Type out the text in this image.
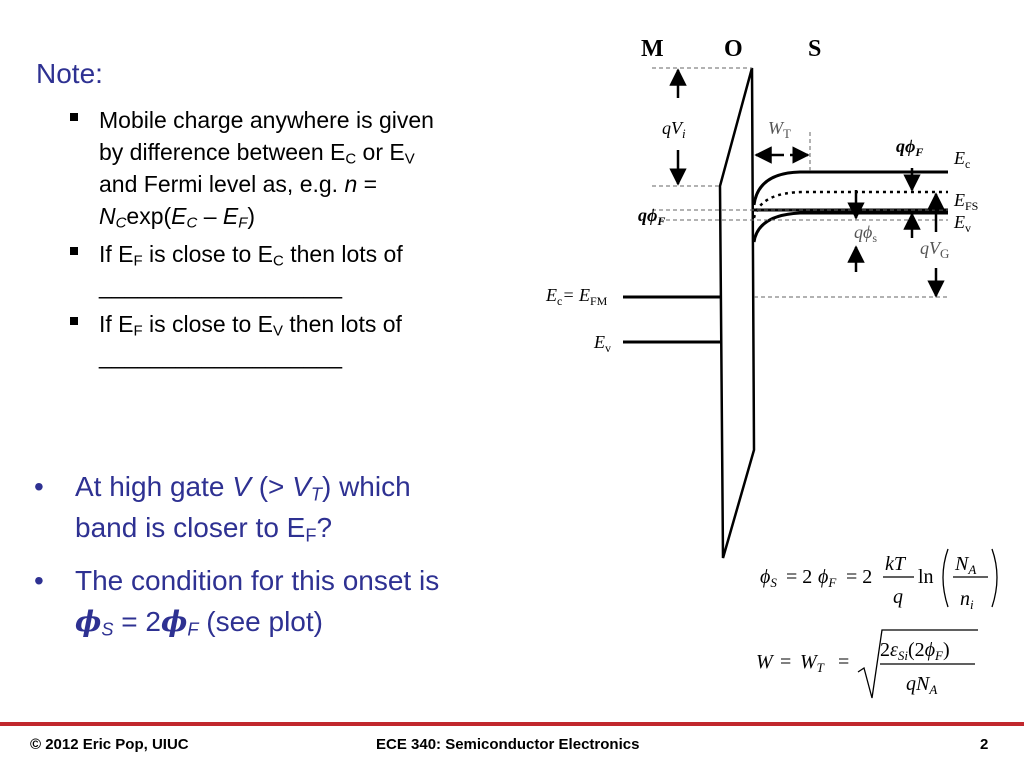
Note:
Mobile charge anywhere is given
by difference between $E_C$ or $E_V$
and Fermi level as, e.g. n =
$N_C\exp(E_C - E_F)$
If $E_F$ is close to $E_C$ then lots of
___________________
If $E_F$ is close to $E_V$ then lots of
___________________
• At high gate V (> $V_T$) which
band is closer to $E_F$?
• The condition for this onset is
$\phi_S = 2\phi_F$ (see plot)
M	O	S
$qV_i$	$W_T$
$q\phi_F$ $E_c$
$E_{FS}$
$E_v$
$q\phi_F$
$q\phi_s$ $qV_G$
$E_c= E_{FM}$
$E_v$
$\phi_S = 2$ $\phi_F = 2$
kT
q
ln
$N_A$
$n_i$
$W = W_T$ =
$2\varepsilon_{Si}(2\phi_F)$
$qN_A$
© 2012 Eric Pop, UIUC	ECE 340: Semiconductor Electronics	2
